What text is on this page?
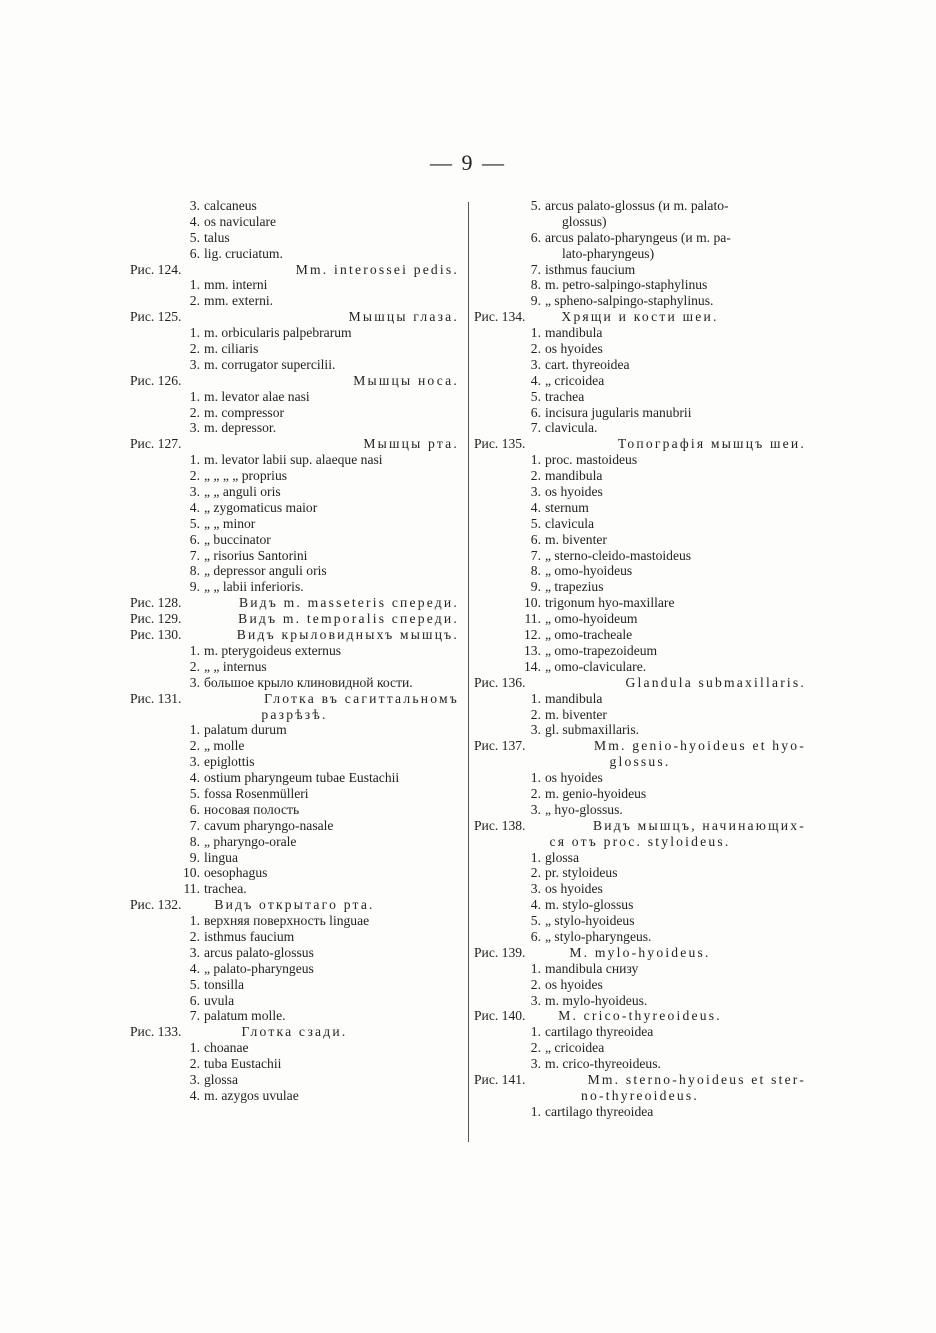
— 9 —
3. calcaneus
4. os naviculare
5. talus
6. lig. cruciatum.
Рис. 124.	Mm. interossei pedis.
1. mm. interni
2. mm. externi.
Рис. 125.	Мышцы глаза.
1. m. orbicularis palpebrarum
2. m. ciliaris
3. m. corrugator supercilii.
Рис. 126.	Мышцы носа.
1. m. levator alae nasi
2. m. compressor
3. m. depressor.
Рис. 127.	Мышцы рта.
1. m. levator labii sup. alaeque nasi
2. „ „ „ „ proprius
3. „ „ anguli oris
4. „ zygomaticus maior
5. „ „ minor
6. „ buccinator
7. „ risorius Santorini
8. „ depressor anguli oris
9. „ „ labii inferioris.
Рис. 128.	Видъ m. masseteris спереди.
Рис. 129.	Видъ m. temporalis спереди.
Рис. 130.	Видъ крыловидныхъ мышцъ.
1. m. pterygoideus externus
2. „ „ internus
3. большое крыло клиновидной кости.
Рис. 131.	Глотка въ сагиттальномъ
разрѣзѣ.
1. palatum durum
2. „ molle
3. epiglottis
4. ostium pharyngeum tubae Eustachii
5. fossa Rosenmülleri
6. носовая полость
7. cavum pharyngo-nasale
8. „ pharyngo-orale
9. lingua
10. oesophagus
11. trachea.
Рис. 132.	Видъ открытаго рта.
1. верхняя поверхность linguae
2. isthmus faucium
3. arcus palato-glossus
4. „ palato-pharyngeus
5. tonsilla
6. uvula
7. palatum molle.
Рис. 133.	Глотка сзади.
1. choanae
2. tuba Eustachii
3. glossa
4. m. azygos uvulae
5. arcus palato-glossus (и m. palato-
glossus)
6. arcus palato-pharyngeus (и m. pa-
lato-pharyngeus)
7. isthmus faucium
8. m. petro-salpingo-staphylinus
9. „ spheno-salpingo-staphylinus.
Рис. 134.	Хрящи и кости шеи.
1. mandibula
2. os hyoides
3. cart. thyreoidea
4. „ cricoidea
5. trachea
6. incisura jugularis manubrii
7. clavicula.
Рис. 135.	Топографія мышцъ шеи.
1. proc. mastoideus
2. mandibula
3. os hyoides
4. sternum
5. clavicula
6. m. biventer
7. „ sterno-cleido-mastoideus
8. „ omo-hyoideus
9. „ trapezius
10. trigonum hyo-maxillare
11. „ omo-hyoideum
12. „ omo-tracheale
13. „ omo-trapezoideum
14. „ omo-claviculare.
Рис. 136.	Glandula submaxillaris.
1. mandibula
2. m. biventer
3. gl. submaxillaris.
Рис. 137.	Mm. genio-hyoideus et hyo-
glossus.
1. os hyoides
2. m. genio-hyoideus
3. „ hyo-glossus.
Рис. 138.	Видъ мышцъ, начинающих-
ся отъ proc. styloideus.
1. glossa
2. pr. styloideus
3. os hyoides
4. m. stylo-glossus
5. „ stylo-hyoideus
6. „ stylo-pharyngeus.
Рис. 139.	M. mylo-hyoideus.
1. mandibula снизу
2. os hyoides
3. m. mylo-hyoideus.
Рис. 140.	M. crico-thyreoideus.
1. cartilago thyreoidea
2. „ cricoidea
3. m. crico-thyreoideus.
Рис. 141.	Mm. sterno-hyoideus et ster-
no-thyreoideus.
1. cartilago thyreoidea
